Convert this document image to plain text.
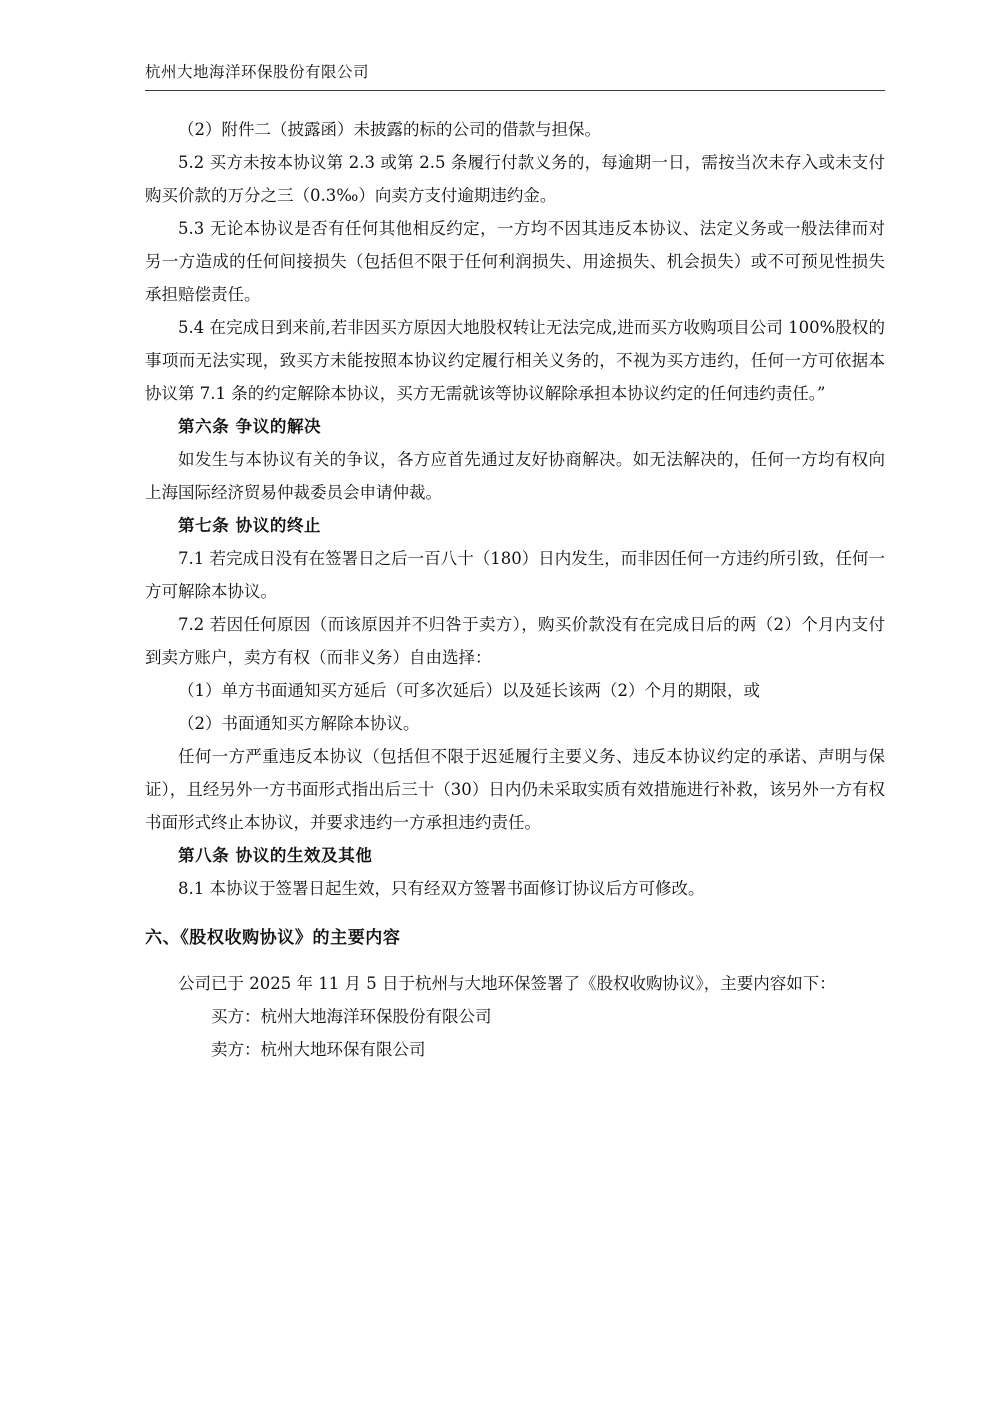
杭州大地海洋环保股份有限公司

（2）附件二（披露函）未披露的标的公司的借款与担保。

5.2 买方未按本协议第 2.3 或第 2.5 条履行付款义务的，每逾期一日，需按当次未存入或未支付购买价款的万分之三（0.3‰）向卖方支付逾期违约金。

5.3 无论本协议是否有任何其他相反约定，一方均不因其违反本协议、法定义务或一般法律而对另一方造成的任何间接损失（包括但不限于任何利润损失、用途损失、机会损失）或不可预见性损失承担赔偿责任。

5.4 在完成日到来前,若非因买方原因大地股权转让无法完成,进而买方收购项目公司 100%股权的事项而无法实现，致买方未能按照本协议约定履行相关义务的，不视为买方违约，任何一方可依据本协议第 7.1 条的约定解除本协议，买方无需就该等协议解除承担本协议约定的任何违约责任。”

第六条 争议的解决

如发生与本协议有关的争议，各方应首先通过友好协商解决。如无法解决的，任何一方均有权向上海国际经济贸易仲裁委员会申请仲裁。

第七条 协议的终止

7.1 若完成日没有在签署日之后一百八十（180）日内发生，而非因任何一方违约所引致，任何一方可解除本协议。

7.2 若因任何原因（而该原因并不归咎于卖方），购买价款没有在完成日后的两（2）个月内支付到卖方账户，卖方有权（而非义务）自由选择：

（1）单方书面通知买方延后（可多次延后）以及延长该两（2）个月的期限，或

（2）书面通知买方解除本协议。

任何一方严重违反本协议（包括但不限于迟延履行主要义务、违反本协议约定的承诺、声明与保证），且经另外一方书面形式指出后三十（30）日内仍未采取实质有效措施进行补救，该另外一方有权书面形式终止本协议，并要求违约一方承担违约责任。

第八条 协议的生效及其他

8.1 本协议于签署日起生效，只有经双方签署书面修订协议后方可修改。

六、《股权收购协议》的主要内容

公司已于 2025 年 11 月 5 日于杭州与大地环保签署了《股权收购协议》，主要内容如下：

买方：杭州大地海洋环保股份有限公司

卖方：杭州大地环保有限公司
